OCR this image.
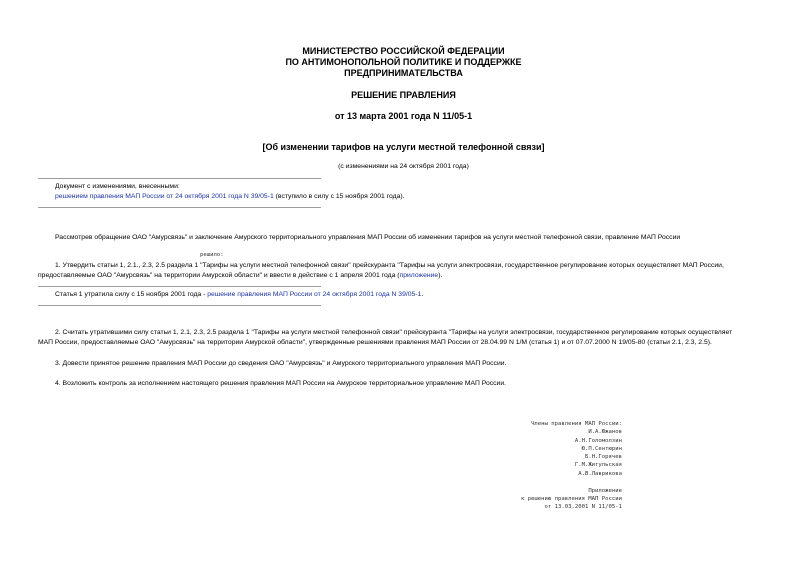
МИНИСТЕРСТВО РОССИЙСКОЙ ФЕДЕРАЦИИ
ПО АНТИМОНОПОЛЬНОЙ ПОЛИТИКЕ И ПОДДЕРЖКЕ
ПРЕДПРИНИМАТЕЛЬСТВА
РЕШЕНИЕ ПРАВЛЕНИЯ
от 13 марта 2001 года N 11/05-1
[Об изменении тарифов на услуги местной телефонной связи]
(с изменениями на 24 октября 2001 года)
Документ с изменениями, внесенными:
решением правления МАП России от 24 октября 2001 года N 39/05-1 (вступило в силу с 15 ноября 2001 года).
Рассмотрев обращение ОАО "Амурсвязь" и заключение Амурского территориального управления МАП России об изменении тарифов на услуги местной телефонной связи, правление МАП России
решило:
1. Утвердить статьи 1, 2.1., 2.3, 2.5 раздела 1 "Тарифы на услуги местной телефонной связи" прейскуранта "Тарифы на услуги электросвязи, государственное регулирование которых осуществляет МАП России,
предоставляемые ОАО "Амурсвязь" на территории Амурской области" и ввести в действие с 1 апреля 2001 года (приложение).
Статья 1 утратила силу с 15 ноября 2001 года - решение правления МАП России от 24 октября 2001 года N 39/05-1.
2. Считать утратившими силу статьи 1, 2.1, 2.3, 2.5 раздела 1 "Тарифы на услуги местной телефонной связи" прейскуранта "Тарифы на услуги электросвязи, государственное регулирование которых осуществляет
МАП России, предоставляемые ОАО "Амурсвязь" на территории Амурской области", утвержденные решениями правления МАП России от 28.04.99 N 1/М (статья 1) и от 07.07.2000 N 19/05-80 (статьи 2.1, 2.3, 2.5).
3. Довести принятое решение правления МАП России до сведения ОАО "Амурсвязь" и Амурского территориального управления МАП России.
4. Возложить контроль за исполнением настоящего решения правления МАП России на Амурское территориальное управление МАП России.
Члены правления МАП России:
И.А.Южанов
А.Н.Голомолзин
Ю.П.Сентюрин
Б.Н.Горячев
Г.М.Житульская
А.В.Лаврикова
Приложение
к решению правления МАП России
от 13.03.2001 N 11/05-1
